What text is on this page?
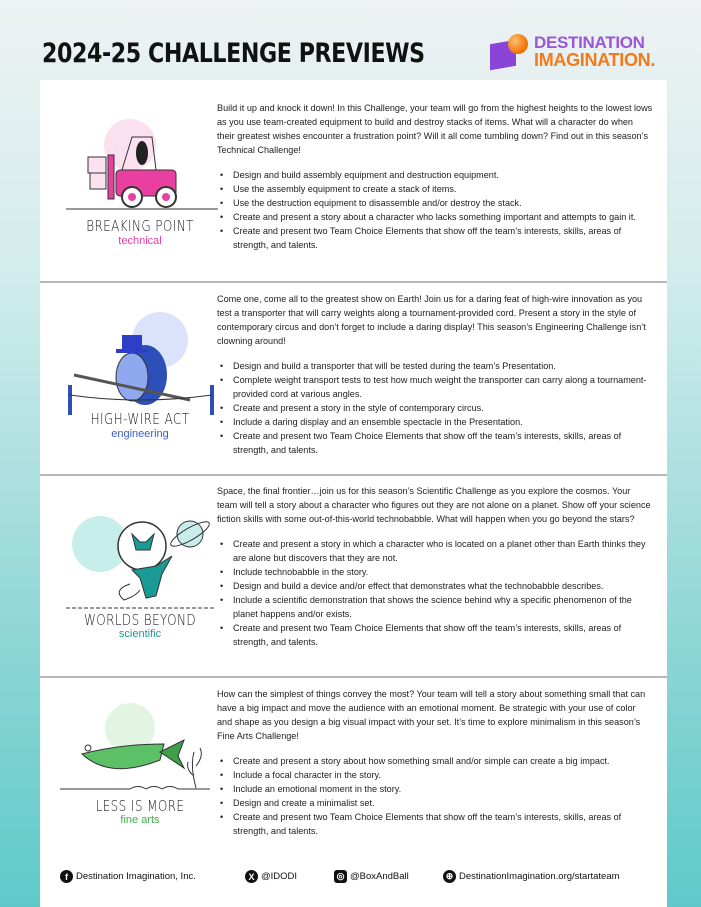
2024-25 CHALLENGE PREVIEWS	DESTINATION
IMAGINATION.
BREAKING POINT
technical

Build it up and knock it down! In this Challenge, your team will go from the highest heights to the lowest lows as you use team-created equipment to build and destroy stacks of items. What will a character do when their greatest wishes encounter a frustration point? Will it all come tumbling down? Find out in this season’s Technical Challenge!

• Design and build assembly equipment and destruction equipment.
• Use the assembly equipment to create a stack of items.
• Use the destruction equipment to disassemble and/or destroy the stack.
• Create and present a story about a character who lacks something important and attempts to gain it.
• Create and present two Team Choice Elements that show off the team’s interests, skills, areas of strength, and talents.
HIGH-WIRE ACT
engineering

Come one, come all to the greatest show on Earth! Join us for a daring feat of high-wire innovation as you test a transporter that will carry weights along a tournament-provided cord. Present a story in the style of contemporary circus and don’t forget to include a daring display! This season’s Engineering Challenge isn’t clowning around!

• Design and build a transporter that will be tested during the team’s Presentation.
• Complete weight transport tests to test how much weight the transporter can carry along a tournament-provided cord at various angles.
• Create and present a story in the style of contemporary circus.
• Include a daring display and an ensemble spectacle in the Presentation.
• Create and present two Team Choice Elements that show off the team’s interests, skills, areas of strength, and talents.
WORLDS BEYOND
scientific

Space, the final frontier…join us for this season’s Scientific Challenge as you explore the cosmos. Your team will tell a story about a character who figures out they are not alone on a planet. Show off your science fiction skills with some out-of-this-world technobabble. What will happen when you go beyond the stars?

• Create and present a story in which a character who is located on a planet other than Earth thinks they are alone but discovers that they are not.
• Include technobabble in the story.
• Design and build a device and/or effect that demonstrates what the technobabble describes.
• Include a scientific demonstration that shows the science behind why a specific phenomenon of the planet happens and/or exists.
• Create and present two Team Choice Elements that show off the team’s interests, skills, areas of strength, and talents.
LESS IS MORE
fine arts

How can the simplest of things convey the most? Your team will tell a story about something small that can have a big impact and move the audience with an emotional moment. Be strategic with your use of color and shape as you design a big visual impact with your set. It’s time to explore minimalism in this season’s Fine Arts Challenge!

• Create and present a story about how something small and/or simple can create a big impact.
• Include a focal character in the story.
• Include an emotional moment in the story.
• Design and create a minimalist set.
• Create and present two Team Choice Elements that show off the team’s interests, skills, areas of strength, and talents.
f Destination Imagination, Inc.	X @IDODI	◎ @BoxAndBall	⊕ DestinationImagination.org/startateam
